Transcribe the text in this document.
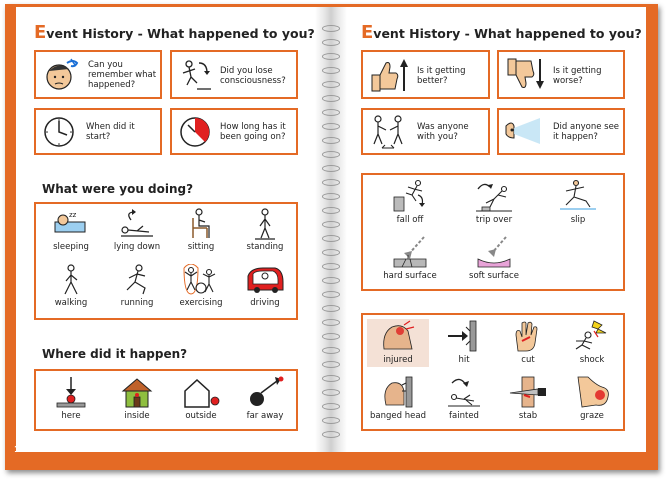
14	15
Event History - What happened to you?
Can you remember what happened?
Did you lose consciousness?
When did it start?
How long has it been going on?
What were you doing?
zz
sleeping	lying down	sitting	standing
walking	running	exercising	driving
Where did it happen?
here	inside	outside	far away
Event History - What happened to you?
Is it getting better?
Is it getting worse?
Was anyone with you?
Did anyone see it happen?
fall off	trip over	slip
hard surface	soft surface
injured	hit	cut	shock
banged head	fainted	stab	graze
